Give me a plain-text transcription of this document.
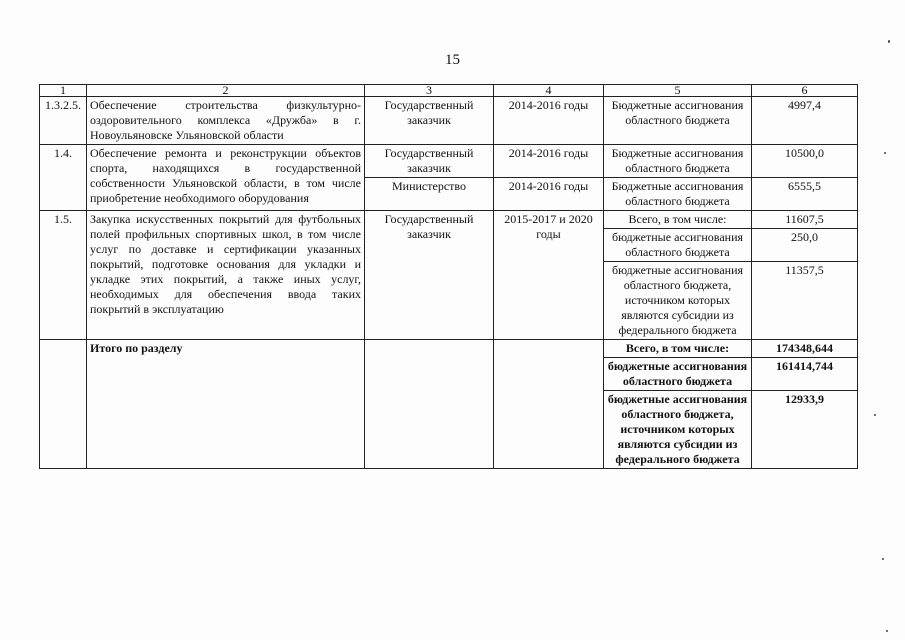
15
1	2	3	4	5	6
1.3.2.5.	Обеспечение строительства физкультурно-оздоровительного комплекса «Дружба» в г. Новоульяновске Ульяновской области	Государственный заказчик	2014-2016 годы	Бюджетные ассигнования областного бюджета	4997,4
1.4.	Обеспечение ремонта и реконструкции объектов спорта, находящихся в государственной собственности Ульяновской области, в том числе приобретение необходимого оборудования	Государственный заказчик	2014-2016 годы	Бюджетные ассигнования областного бюджета	10500,0
		Министерство	2014-2016 годы	Бюджетные ассигнования областного бюджета	6555,5
1.5.	Закупка искусственных покрытий для футбольных полей профильных спортивных школ, в том числе услуг по доставке и сертификации указанных покрытий, подготовке основания для укладки и укладке этих покрытий, а также иных услуг, необходимых для обеспечения ввода таких покрытий в эксплуатацию	Государственный заказчик	2015-2017 и 2020 годы	Всего, в том числе:	11607,5
				бюджетные ассигнования областного бюджета	250,0
				бюджетные ассигнования областного бюджета, источником которых являются субсидии из федерального бюджета	11357,5
	Итого по разделу			Всего, в том числе:	174348,644
				бюджетные ассигнования областного бюджета	161414,744
				бюджетные ассигнования областного бюджета, источником которых являются субсидии из федерального бюджета	12933,9
